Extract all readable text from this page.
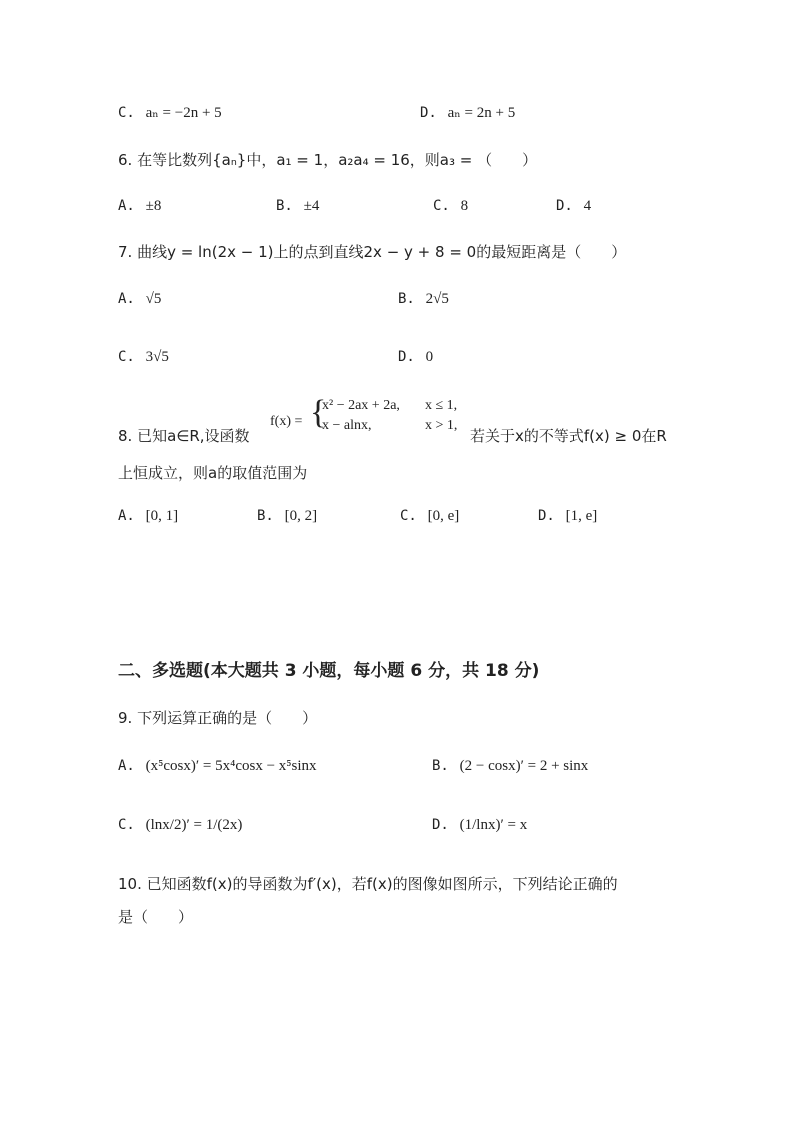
C. aₙ = −2n + 5	D. aₙ = 2n + 5
6. 在等比数列{aₙ}中，a₁ = 1，a₂a₄ = 16，则a₃ = （　　）
A. ±8	B. ±4	C. 8	D. 4
7. 曲线y = ln(2x − 1)上的点到直线2x − y + 8 = 0的最短距离是（　　）
A. √5	B. 2√5
C. 3√5	D. 0
8. 已知a∈R,设函数
f(x) = {
x² − 2ax + 2a, x ≤ 1,
x − alnx,	x > 1,
若关于x的不等式f(x) ≥ 0在R
上恒成立，则a的取值范围为
A. [0, 1]	B. [0, 2]	C. [0, e]	D. [1, e]
二、多选题(本大题共 3 小题，每小题 6 分，共 18 分)
9. 下列运算正确的是（　　）
A. (x⁵cosx)′ = 5x⁴cosx − x⁵sinx	B. (2 − cosx)′ = 2 + sinx
C. (lnx/2)′ = 1/(2x)	D. (1/lnx)′ = x
10. 已知函数f(x)的导函数为f′(x)，若f(x)的图像如图所示，下列结论正确的
是（　　）
